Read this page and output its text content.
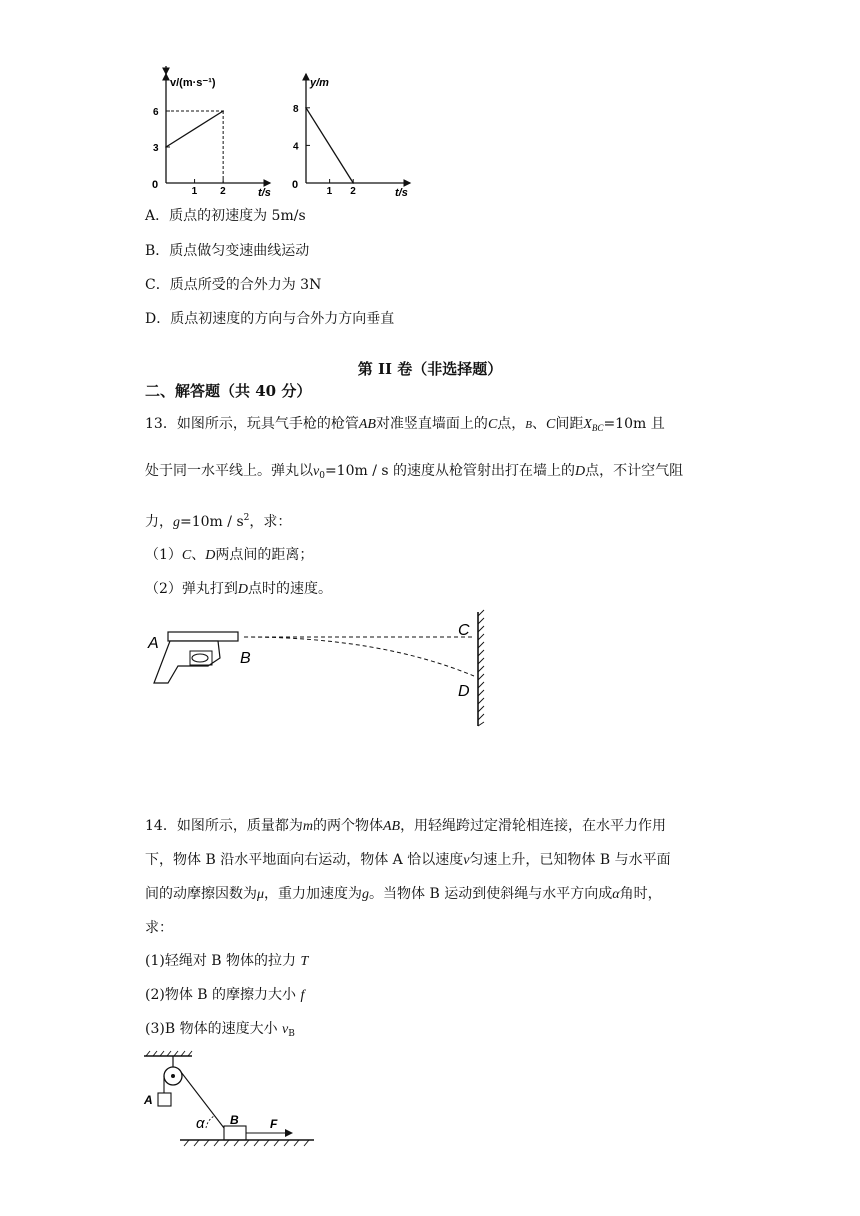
1 2
3
6
v/(m·s⁻¹)
t/s
0
1 2
4
8
y/m
t/s
0
A．质点的初速度为 5m/s
B．质点做匀变速曲线运动
C．质点所受的合外力为 3N
D．质点初速度的方向与合外力方向垂直
第 II 卷（非选择题）
二、解答题（共 40 分）
13．如图所示，玩具气手枪的枪管AB对准竖直墙面上的C点，B、C间距$X_{BC}=10m$ 且
处于同一水平线上。弹丸以$v_0=10m / s$ 的速度从枪管射出打在墙上的D点，不计空气阻
力，$g=10m / s^2$，求：
（1）C、D两点间的距离；
（2）弹丸打到D点时的速度。
A
B
C
D
14．如图所示，质量都为m的两个物体AB，用轻绳跨过定滑轮相连接，在水平力作用
下，物体 B 沿水平地面向右运动，物体 A 恰以速度v匀速上升，已知物体 B 与水平面
间的动摩擦因数为μ，重力加速度为g。当物体 B 运动到使斜绳与水平方向成α角时，
求：
(1)轻绳对 B 物体的拉力 T
(2)物体 B 的摩擦力大小 f
(3)B 物体的速度大小 $v_B$
A
α B	F
